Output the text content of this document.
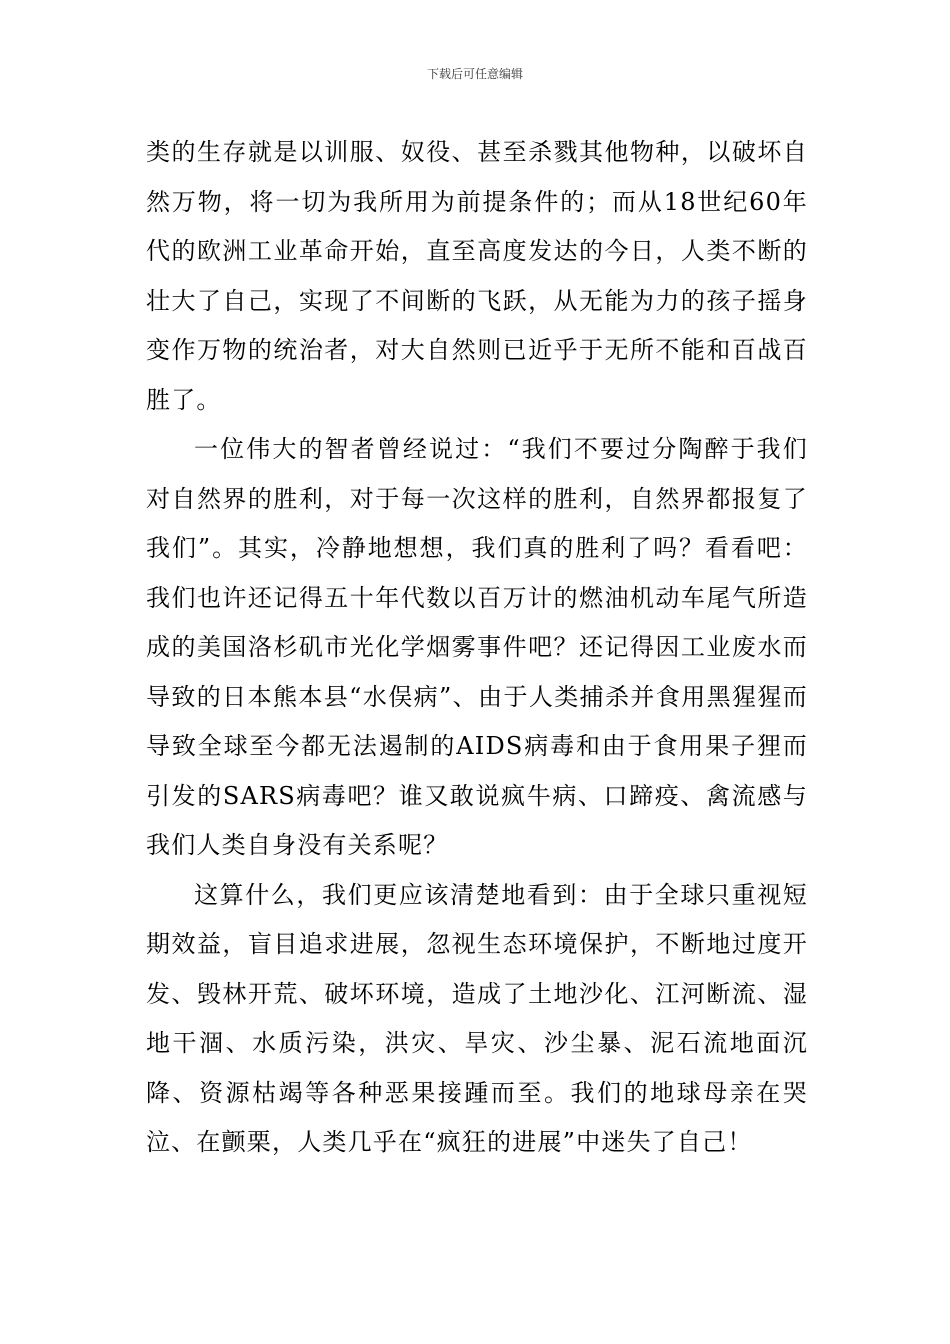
下载后可任意编辑

类的生存就是以训服、奴役、甚至杀戮其他物种，以破坏自然万物，将一切为我所用为前提条件的；而从18世纪60年代的欧洲工业革命开始，直至高度发达的今日，人类不断的壮大了自己，实现了不间断的飞跃，从无能为力的孩子摇身变作万物的统治者，对大自然则已近乎于无所不能和百战百胜了。

一位伟大的智者曾经说过：“我们不要过分陶醉于我们对自然界的胜利，对于每一次这样的胜利，自然界都报复了我们”。其实，冷静地想想，我们真的胜利了吗？看看吧：我们也许还记得五十年代数以百万计的燃油机动车尾气所造成的美国洛杉矶市光化学烟雾事件吧？还记得因工业废水而导致的日本熊本县“水俣病”、由于人类捕杀并食用黑猩猩而导致全球至今都无法遏制的AIDS病毒和由于食用果子狸而引发的SARS病毒吧？谁又敢说疯牛病、口蹄疫、禽流感与我们人类自身没有关系呢？

这算什么，我们更应该清楚地看到：由于全球只重视短期效益，盲目追求进展，忽视生态环境保护，不断地过度开发、毁林开荒、破坏环境，造成了土地沙化、江河断流、湿地干涸、水质污染，洪灾、旱灾、沙尘暴、泥石流地面沉降、资源枯竭等各种恶果接踵而至。我们的地球母亲在哭泣、在颤栗，人类几乎在“疯狂的进展”中迷失了自己！
